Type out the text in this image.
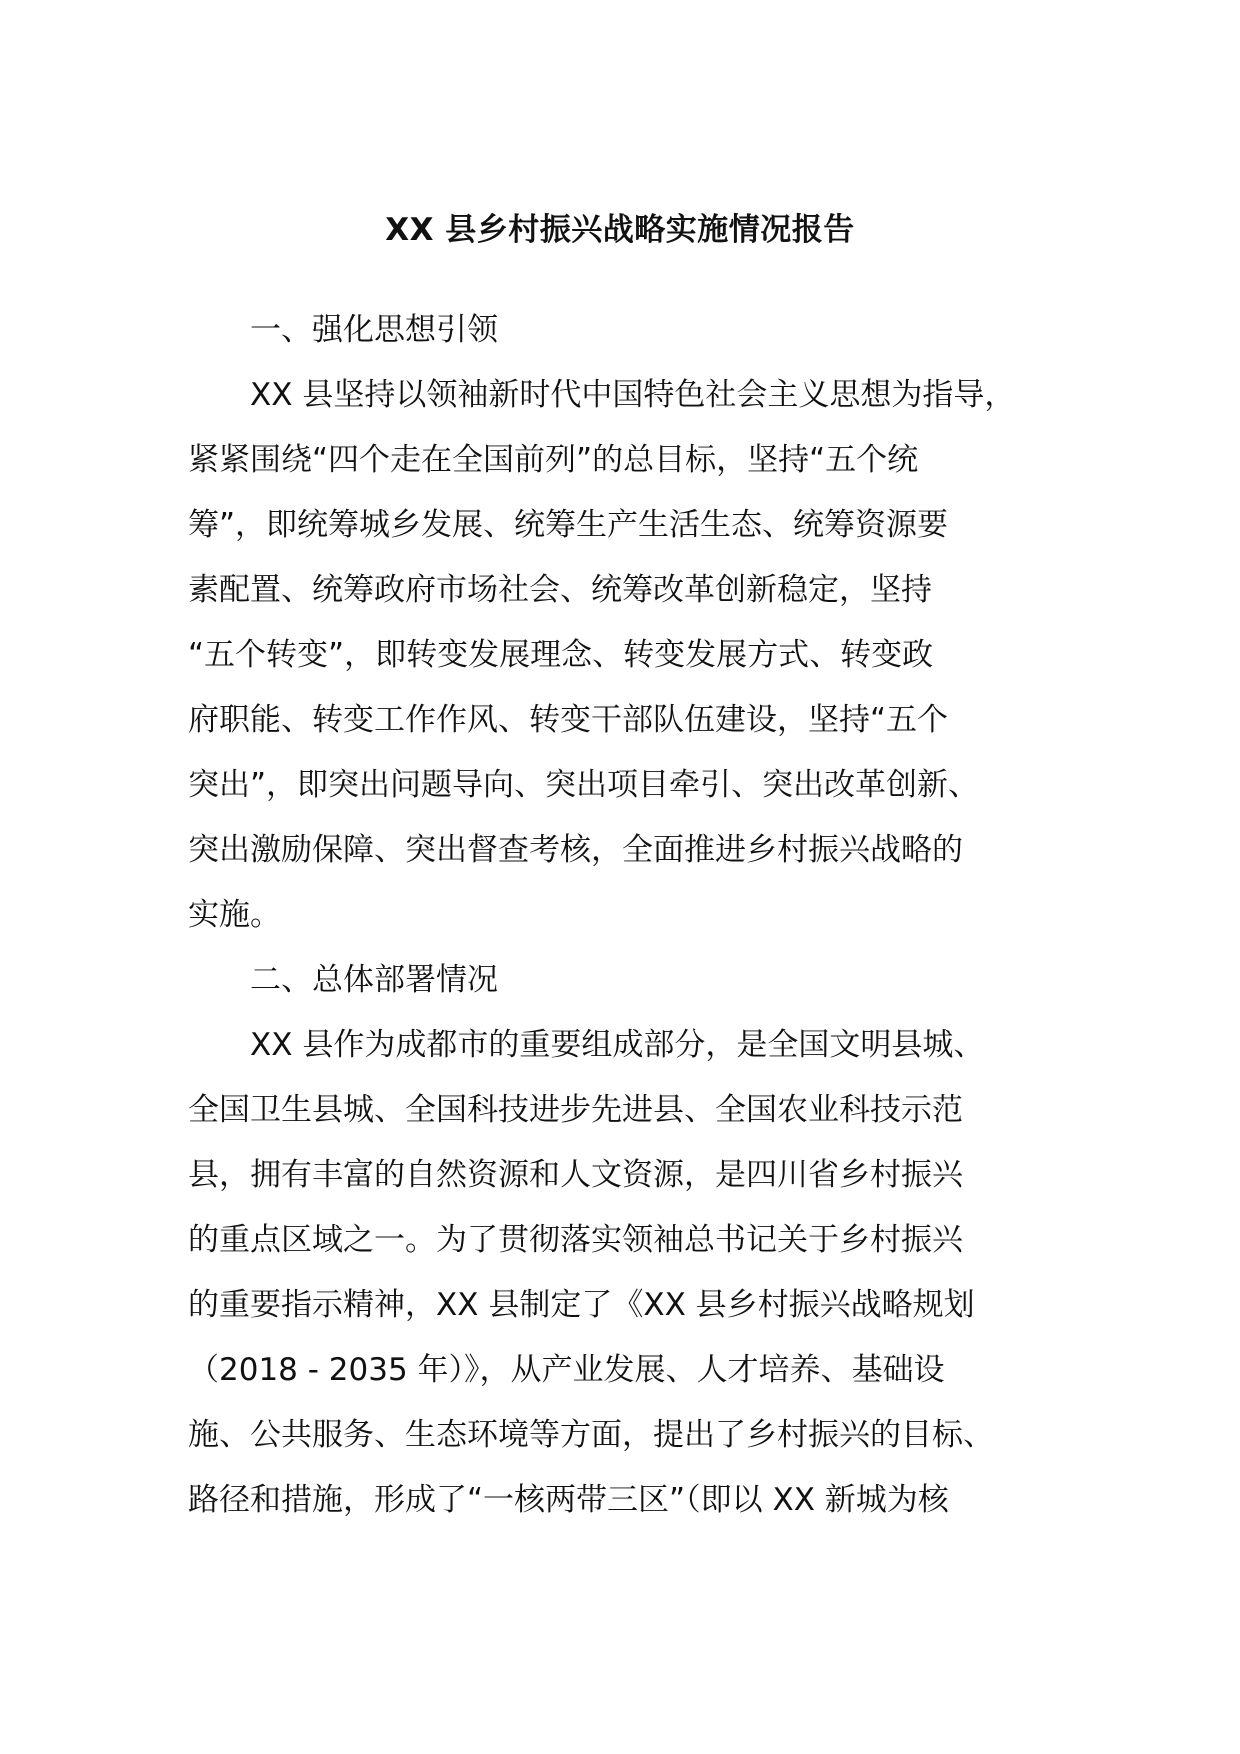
XX 县乡村振兴战略实施情况报告
　　一、强化思想引领
　　XX 县坚持以领袖新时代中国特色社会主义思想为指导，
紧紧围绕“四个走在全国前列”的总目标，坚持“五个统
筹”，即统筹城乡发展、统筹生产生活生态、统筹资源要
素配置、统筹政府市场社会、统筹改革创新稳定，坚持
“五个转变”，即转变发展理念、转变发展方式、转变政
府职能、转变工作作风、转变干部队伍建设，坚持“五个
突出”，即突出问题导向、突出项目牵引、突出改革创新、
突出激励保障、突出督查考核，全面推进乡村振兴战略的
实施。
　　二、总体部署情况
　　XX 县作为成都市的重要组成部分，是全国文明县城、
全国卫生县城、全国科技进步先进县、全国农业科技示范
县，拥有丰富的自然资源和人文资源，是四川省乡村振兴
的重点区域之一。为了贯彻落实领袖总书记关于乡村振兴
的重要指示精神，XX 县制定了《XX 县乡村振兴战略规划
（2018 - 2035 年）》，从产业发展、人才培养、基础设
施、公共服务、生态环境等方面，提出了乡村振兴的目标、
路径和措施，形成了“一核两带三区”（即以 XX 新城为核
